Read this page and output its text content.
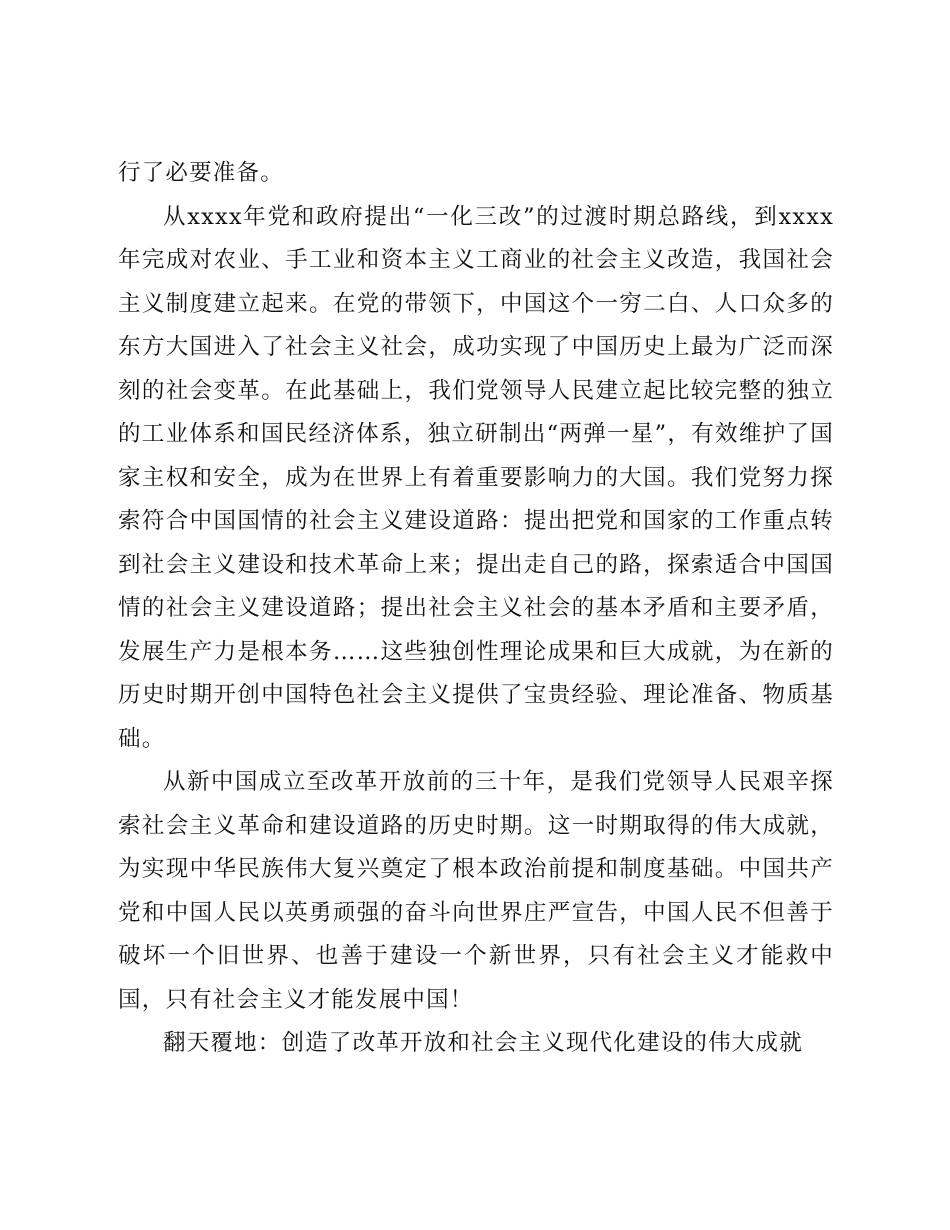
行了必要准备。

从xxxx年党和政府提出“一化三改”的过渡时期总路线，到xxxx年完成对农业、手工业和资本主义工商业的社会主义改造，我国社会主义制度建立起来。在党的带领下，中国这个一穷二白、人口众多的东方大国进入了社会主义社会，成功实现了中国历史上最为广泛而深刻的社会变革。在此基础上，我们党领导人民建立起比较完整的独立的工业体系和国民经济体系，独立研制出“两弹一星”，有效维护了国家主权和安全，成为在世界上有着重要影响力的大国。我们党努力探索符合中国国情的社会主义建设道路：提出把党和国家的工作重点转到社会主义建设和技术革命上来；提出走自己的路，探索适合中国国情的社会主义建设道路；提出社会主义社会的基本矛盾和主要矛盾，发展生产力是根本务……这些独创性理论成果和巨大成就，为在新的历史时期开创中国特色社会主义提供了宝贵经验、理论准备、物质基础。

从新中国成立至改革开放前的三十年，是我们党领导人民艰辛探索社会主义革命和建设道路的历史时期。这一时期取得的伟大成就，为实现中华民族伟大复兴奠定了根本政治前提和制度基础。中国共产党和中国人民以英勇顽强的奋斗向世界庄严宣告，中国人民不但善于破坏一个旧世界、也善于建设一个新世界，只有社会主义才能救中国，只有社会主义才能发展中国！

翻天覆地：创造了改革开放和社会主义现代化建设的伟大成就
